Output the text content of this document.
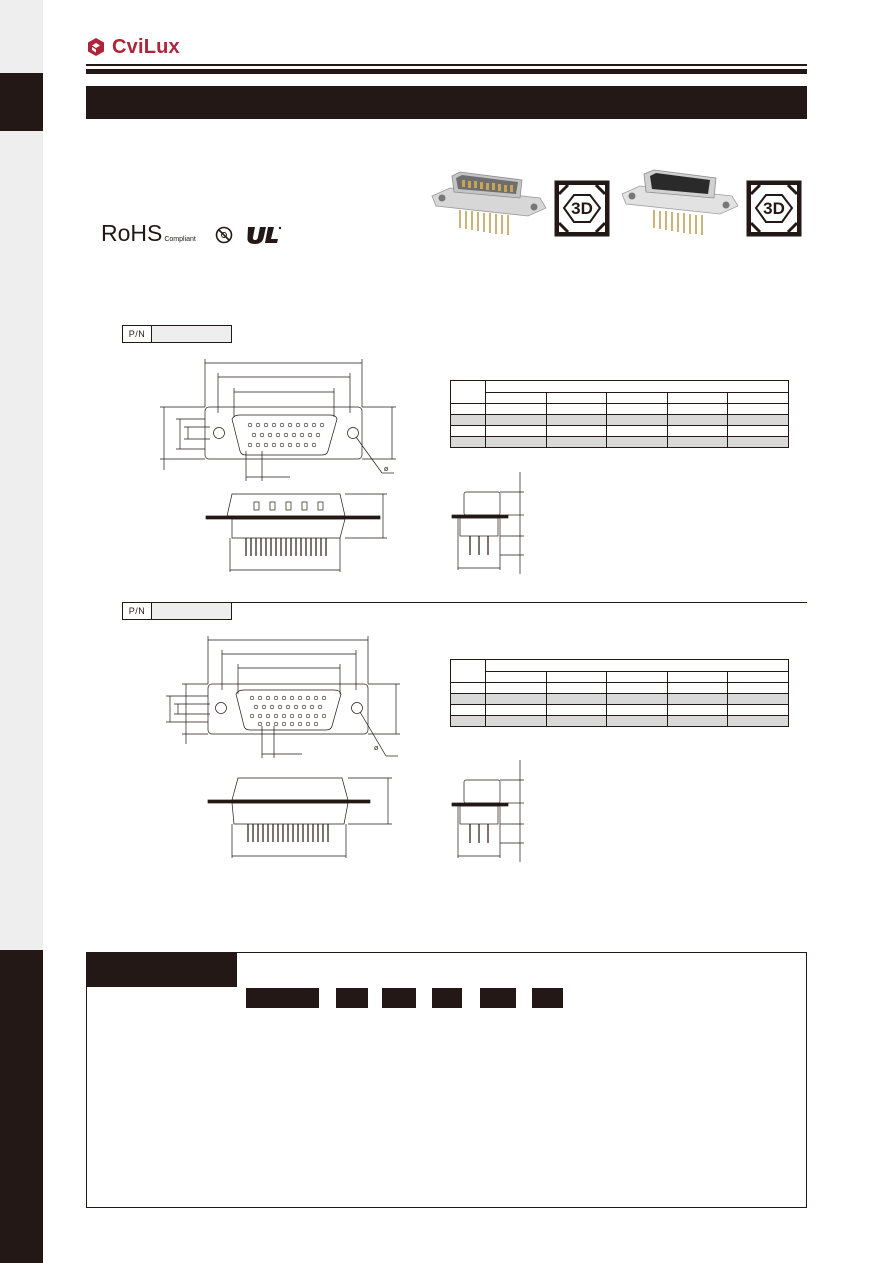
CviLux
RoHS Compliant
3D	3D
P/N
ø

P/N
ø
